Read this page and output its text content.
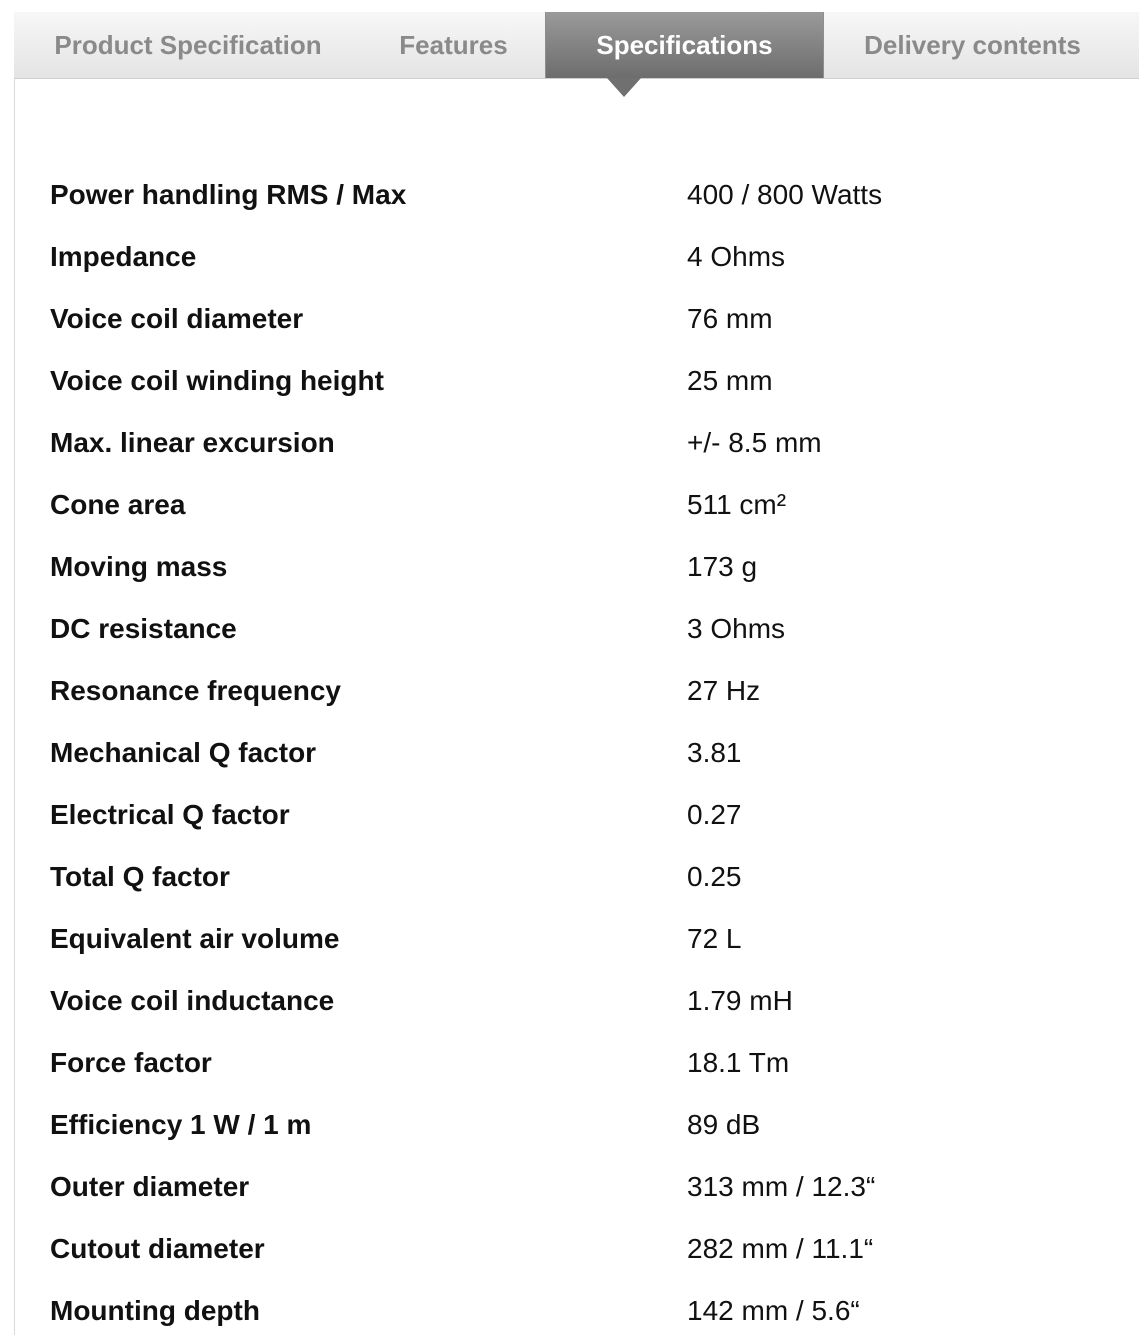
Product Specification	Features	Specifications	Delivery contents
Power handling RMS / Max	400 / 800 Watts
Impedance	4 Ohms
Voice coil diameter	76 mm
Voice coil winding height	25 mm
Max. linear excursion	+/- 8.5 mm
Cone area	511 cm²
Moving mass	173 g
DC resistance	3 Ohms
Resonance frequency	27 Hz
Mechanical Q factor	3.81
Electrical Q factor	0.27
Total Q factor	0.25
Equivalent air volume	72 L
Voice coil inductance	1.79 mH
Force factor	18.1 Tm
Efficiency 1 W / 1 m	89 dB
Outer diameter	313 mm / 12.3“
Cutout diameter	282 mm / 11.1“
Mounting depth	142 mm / 5.6“
